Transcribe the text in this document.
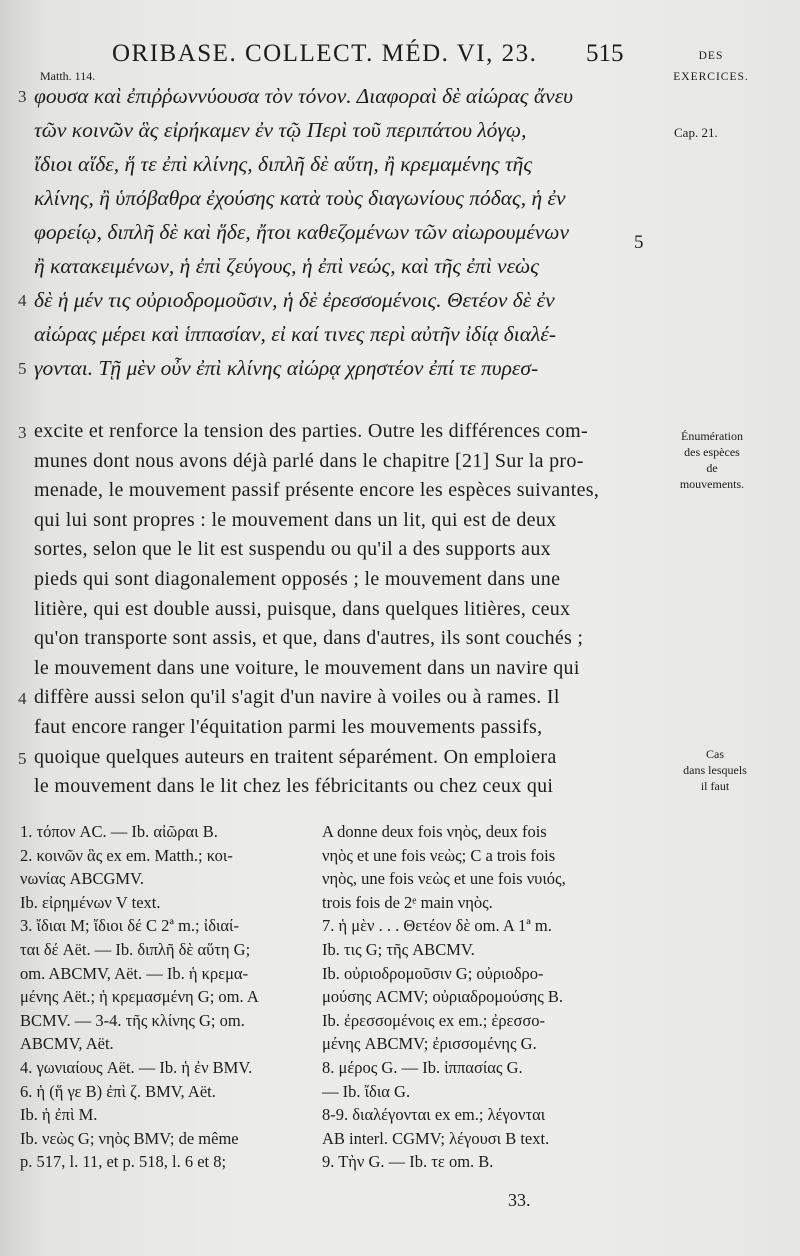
ORIBASE. COLLECT. MÉD. VI, 23. 515	DES
EXERCICES.
Matth. 114.
Cap. 21.
φουσα καὶ ἐπιῤῥωννύουσα τὸν τόνον. Διαφοραὶ δὲ αἰώρας ἄνευ
3
τῶν κοινῶν ἃς εἰρήκαμεν ἐν τῷ Περὶ τοῦ περιπάτου λόγῳ,
ἴδιοι αἵδε, ἥ τε ἐπὶ κλίνης, διπλῆ δὲ αὕτη, ἢ κρεμαμένης τῆς
κλίνης, ἢ ὑπόβαθρα ἐχούσης κατὰ τοὺς διαγωνίους πόδας, ἡ ἐν
φορείῳ, διπλῆ δὲ καὶ ἥδε, ἤτοι καθεζομένων τῶν αἰωρουμένων
ἢ κατακειμένων, ἡ ἐπὶ ζεύγους, ἡ ἐπὶ νεώς, καὶ τῆς ἐπὶ νεὼς
δὲ ἡ μέν τις οὐριοδρομοῦσιν, ἡ δὲ ἐρεσσομένοις. Θετέον δὲ ἐν
4
αἰώρας μέρει καὶ ἱππασίαν, εἰ καί τινες περὶ αὐτῆν ἰδίᾳ διαλέ-
γονται. Τῇ μὲν οὖν ἐπὶ κλίνης αἰώρᾳ χρηστέον ἐπί τε πυρεσ-
5
5
excite et renforce la tension des parties. Outre les différences com-
3
munes dont nous avons déjà parlé dans le chapitre [21] Sur la pro-
menade, le mouvement passif présente encore les espèces suivantes,
qui lui sont propres : le mouvement dans un lit, qui est de deux
sortes, selon que le lit est suspendu ou qu'il a des supports aux
pieds qui sont diagonalement opposés ; le mouvement dans une
litière, qui est double aussi, puisque, dans quelques litières, ceux
qu'on transporte sont assis, et que, dans d'autres, ils sont couchés ;
le mouvement dans une voiture, le mouvement dans un navire qui
diffère aussi selon qu'il s'agit d'un navire à voiles ou à rames. Il
4
faut encore ranger l'équitation parmi les mouvements passifs,
quoique quelques auteurs en traitent séparément. On emploiera
5
le mouvement dans le lit chez les fébricitants ou chez ceux qui
Énumération
des espèces
de
mouvements.
Cas
dans lesquels
il faut
1. τόπον AC. — Ib. αἰῶραι B.
2. κοινῶν ἃς ex em. Matth.; κοι-
νωνίας ABCGMV.
Ib. εἰρημένων V text.
3. ἴδιαι M; ἴδιοι δέ C 2ª m.; ἰδιαί-
ται δέ Aët. — Ib. διπλῆ δὲ αὕτη G;
om. ABCMV, Aët. — Ib. ἡ κρεμα-
μένης Aët.; ἡ κρεμασμένη G; om. A
BCMV. — 3-4. τῆς κλίνης G; om.
ABCMV, Aët.
4. γωνιαίους Aët. — Ib. ἡ ἐν BMV.
6. ἡ (ἥ γε B) ἐπὶ ζ. BMV, Aët.
Ib. ἡ ἐπὶ M.
Ib. νεὼς G; νηὸς BMV; de même
p. 517, l. 11, et p. 518, l. 6 et 8;
A donne deux fois νηὸς, deux fois
νηὸς et une fois νεὼς; C a trois fois
νηὸς, une fois νεὼς et une fois νυιός,
trois fois de 2ᵉ main νηὸς.
7. ἡ μὲν . . . Θετέον δὲ om. A 1ª m.
Ib. τις G; τῆς ABCMV.
Ib. οὐριοδρομοῦσιν G; οὐριοδρο-
μούσης ACMV; οὐριαδρομούσης B.
Ib. ἐρεσσομένοις ex em.; ἐρεσσο-
μένης ABCMV; ἐρισσομένης G.
8. μέρος G. — Ib. ἱππασίας G.
— Ib. ἴδια G.
8-9. διαλέγονται ex em.; λέγονται
AB interl. CGMV; λέγουσι B text.
9. Τὴν G. — Ib. τε om. B.
33.
